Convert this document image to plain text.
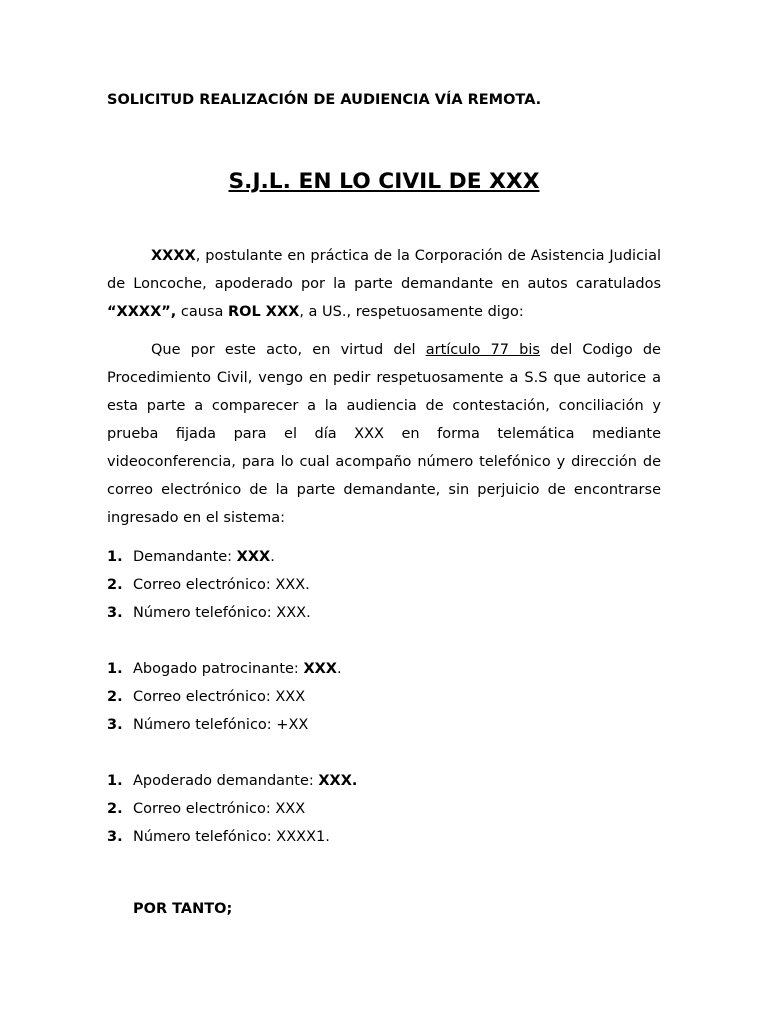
SOLICITUD REALIZACIÓN DE AUDIENCIA VÍA REMOTA.
S.J.L. EN LO CIVIL DE XXX

XXXX, postulante en práctica de la Corporación de Asistencia Judicial de Loncoche, apoderado por la parte demandante en autos caratulados “XXXX”, causa ROL XXX, a US., respetuosamente digo:

Que por este acto, en virtud del artículo 77 bis del Codigo de Procedimiento Civil, vengo en pedir respetuosamente a S.S que autorice a esta parte a comparecer a la audiencia de contestación, conciliación y prueba fijada para el día XXX en forma telemática mediante videoconferencia, para lo cual acompaño número telefónico y dirección de correo electrónico de la parte demandante, sin perjuicio de encontrarse ingresado en el sistema:

1. Demandante: XXX.
2. Correo electrónico: XXX.
3. Número telefónico: XXX.
1. Abogado patrocinante: XXX.
2. Correo electrónico: XXX
3. Número telefónico: +XX
1. Apoderado demandante: XXX.
2. Correo electrónico: XXX
3. Número telefónico: XXXX1.

POR TANTO;
